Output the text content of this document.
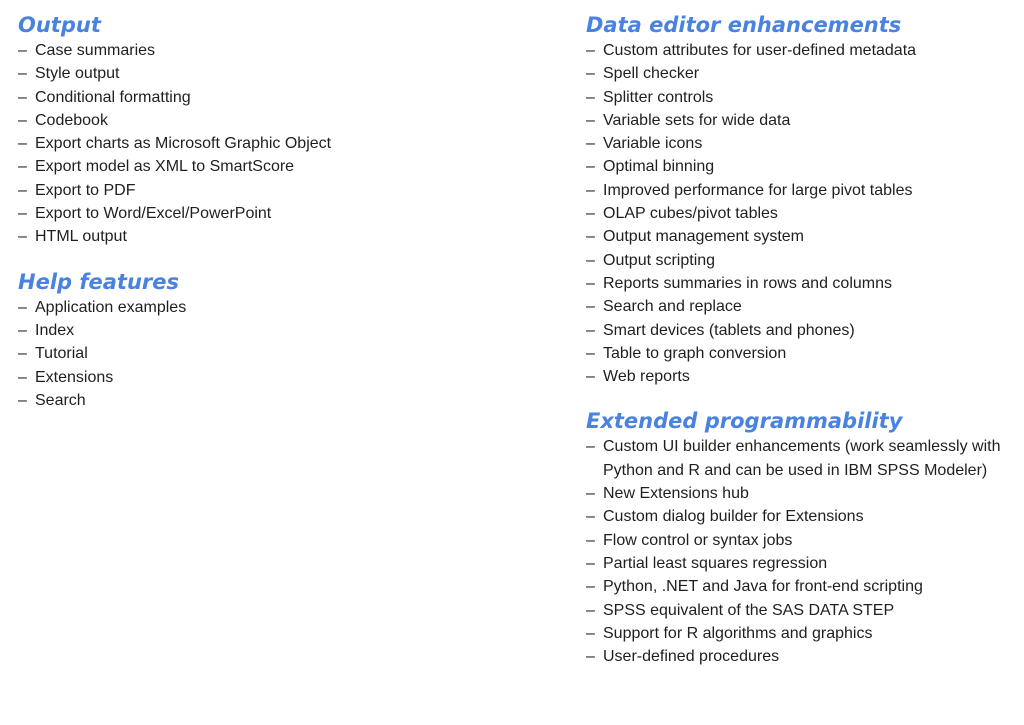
Output
– Case summaries
– Style output
– Conditional formatting
– Codebook
– Export charts as Microsoft Graphic Object
– Export model as XML to SmartScore
– Export to PDF
– Export to Word/Excel/PowerPoint
– HTML output
Help features
– Application examples
– Index
– Tutorial
– Extensions
– Search
Data editor enhancements
– Custom attributes for user-defined metadata
– Spell checker
– Splitter controls
– Variable sets for wide data
– Variable icons
– Optimal binning
– Improved performance for large pivot tables
– OLAP cubes/pivot tables
– Output management system
– Output scripting
– Reports summaries in rows and columns
– Search and replace
– Smart devices (tablets and phones)
– Table to graph conversion
– Web reports
Extended programmability
– Custom UI builder enhancements (work seamlessly with Python and R and can be used in IBM SPSS Modeler)
– New Extensions hub
– Custom dialog builder for Extensions
– Flow control or syntax jobs
– Partial least squares regression
– Python, .NET and Java for front-end scripting
– SPSS equivalent of the SAS DATA STEP
– Support for R algorithms and graphics
– User-defined procedures
